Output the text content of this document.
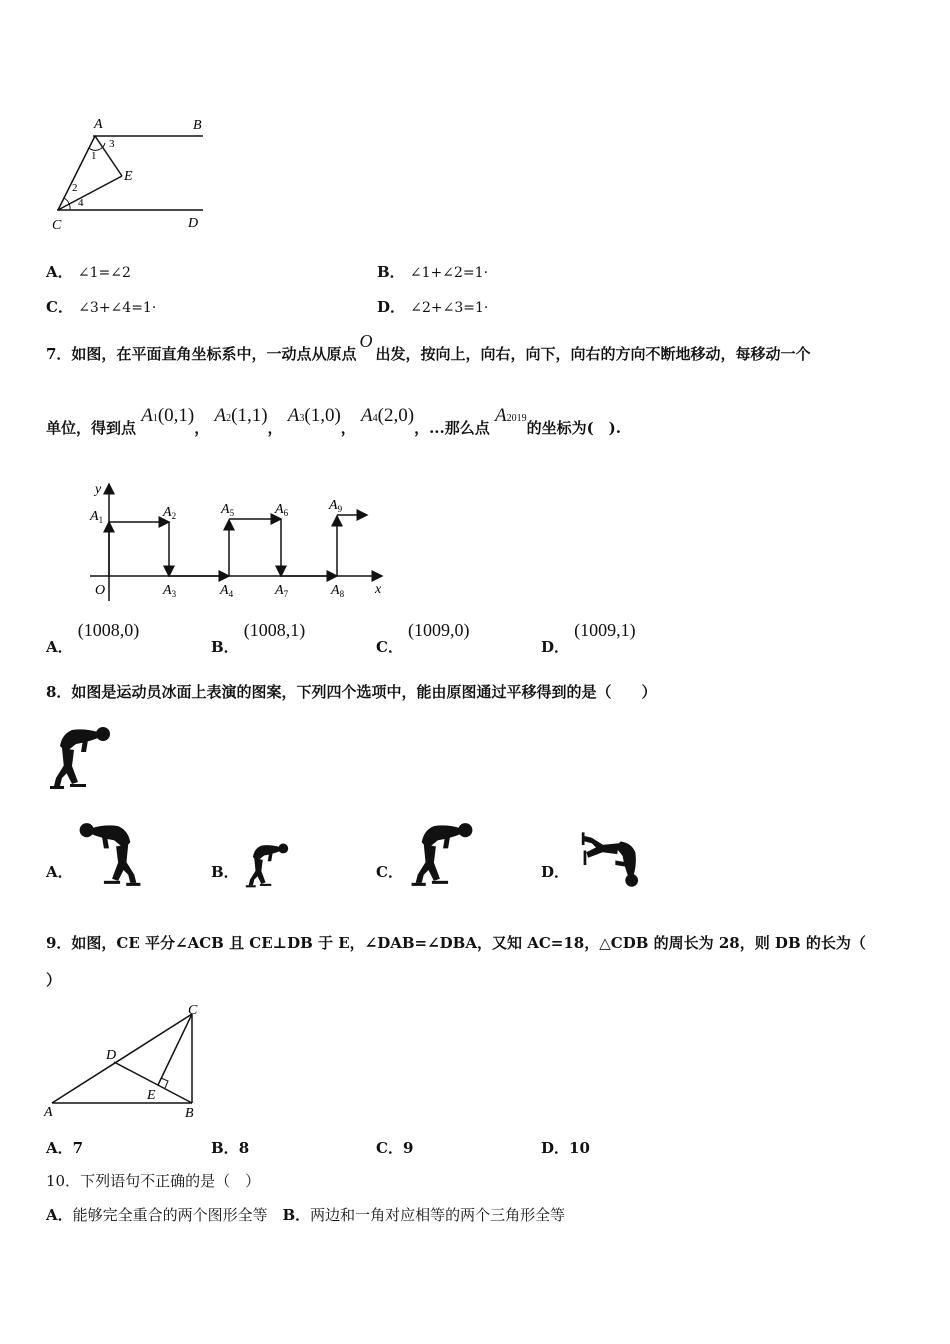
A	B
C	D
E
1
2
3
4
A． ∠1=∠2	B． ∠1+∠2=1·
C． ∠3+∠4=1·	D． ∠2+∠3=1·
7．如图，在平面直角坐标系中，一动点从原点O出发，按向上，向右，向下，向右的方向不断地移动，每移动一个
单位，得到点 A1(0,1)， A2(1,1)， A3(1,0)， A4(2,0)，...那么点 A2019的坐标为(　).
y
x
O
$A_1$	$A_2$
$A_3$	$A_4$
$A_5$	$A_6$
$A_7$	$A_8$
$A_9$
A． (1008,0)
B． (1008,1)
C． (1009,0)
D． (1009,1)
8．如图是运动员冰面上表演的图案，下列四个选项中，能由原图通过平移得到的是（　　）
A．	B．	C．	D．
9．如图，CE 平分∠ACB 且 CE⊥DB 于 E，∠DAB=∠DBA，又知 AC=18，△CDB 的周长为 28，则 DB 的长为（
）
A	B
C
D
E
A．7	B．8	C．9	D．10
10．下列语句不正确的是（　）
A．能够完全重合的两个图形全等 B．两边和一角对应相等的两个三角形全等
